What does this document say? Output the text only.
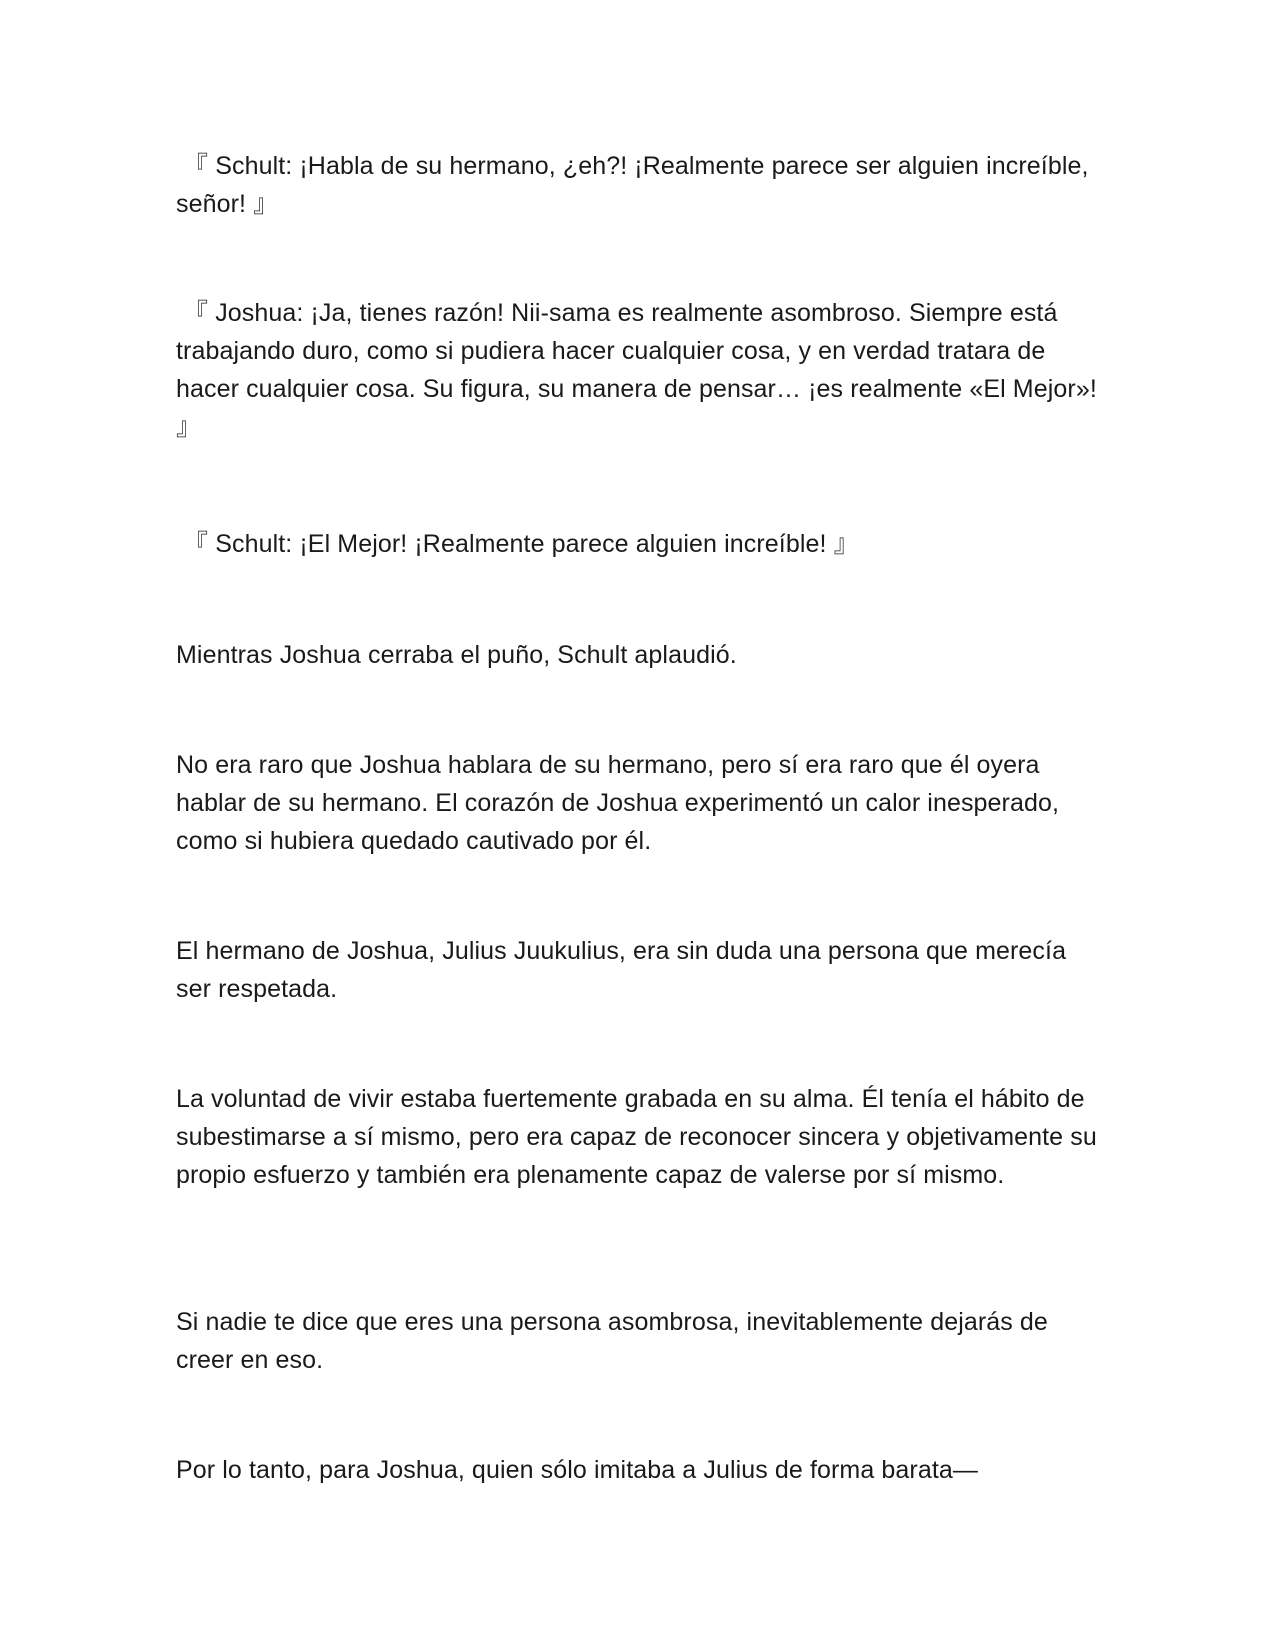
『 Schult: ¡Habla de su hermano, ¿eh?! ¡Realmente parece ser alguien increíble, señor! 』

『 Joshua: ¡Ja, tienes razón! Nii-sama es realmente asombroso. Siempre está trabajando duro, como si pudiera hacer cualquier cosa, y en verdad tratara de hacer cualquier cosa. Su figura, su manera de pensar… ¡es realmente «El Mejor»! 』

『 Schult: ¡El Mejor! ¡Realmente parece alguien increíble! 』

Mientras Joshua cerraba el puño, Schult aplaudió.

No era raro que Joshua hablara de su hermano, pero sí era raro que él oyera hablar de su hermano. El corazón de Joshua experimentó un calor inesperado, como si hubiera quedado cautivado por él.

El hermano de Joshua, Julius Juukulius, era sin duda una persona que merecía ser respetada.

La voluntad de vivir estaba fuertemente grabada en su alma. Él tenía el hábito de subestimarse a sí mismo, pero era capaz de reconocer sincera y objetivamente su propio esfuerzo y también era plenamente capaz de valerse por sí mismo.

Si nadie te dice que eres una persona asombrosa, inevitablemente dejarás de creer en eso.

Por lo tanto, para Joshua, quien sólo imitaba a Julius de forma barata—
